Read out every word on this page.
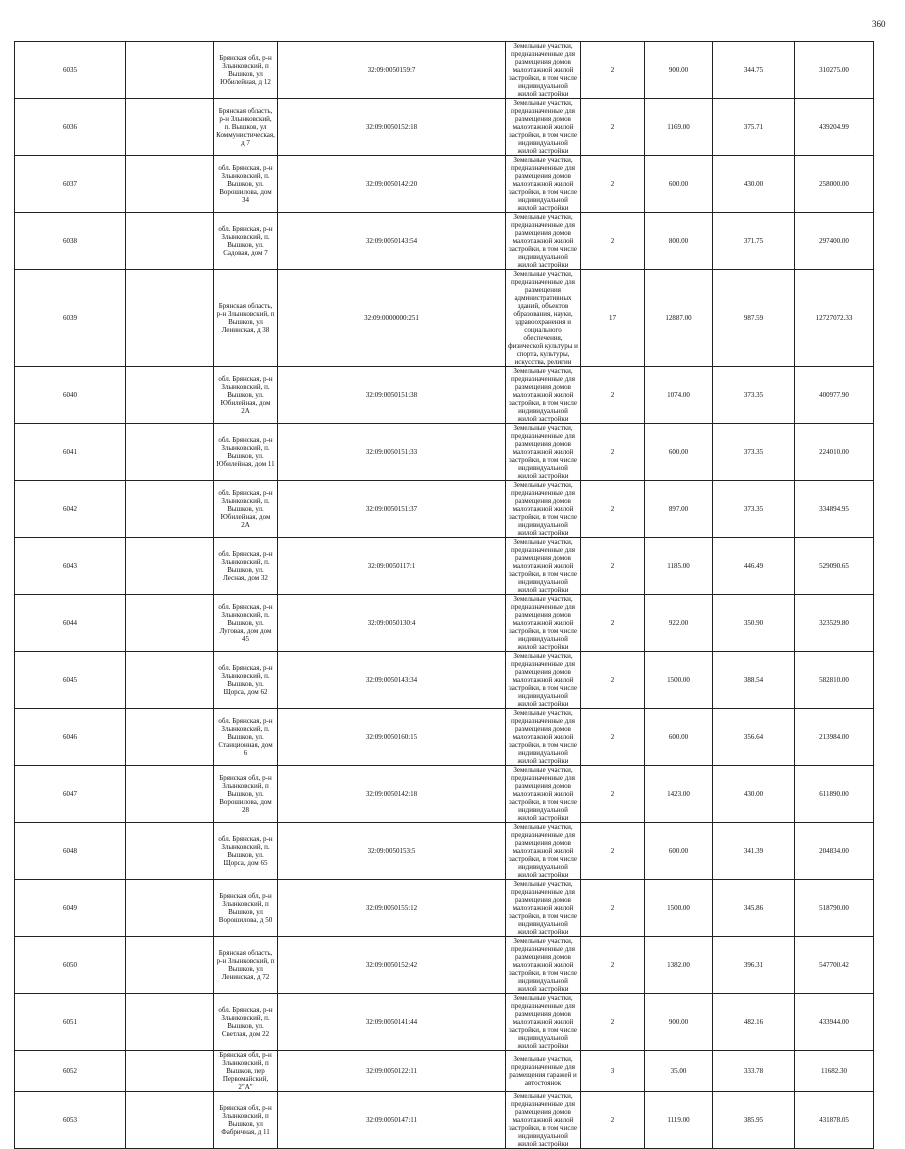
360
6035		Брянская обл, р-н Злынковский, п Вышков, ул Юбилейная, д 12	32:09:0050159:7	Земельные участки, предназначенные для размещения домов малоэтажной жилой застройки, в том числе индивидуальной жилой застройки	2	900.00	344.75	310275.00
6036		Брянская область, р-н Злынковский, п. Вышков, ул Коммунистическая, д 7	32:09:0050152:18	Земельные участки, предназначенные для размещения домов малоэтажной жилой застройки, в том числе индивидуальной жилой застройки	2	1169.00	375.71	439204.99
6037		обл. Брянская, р-н Злынковский, п. Вышков, ул. Ворошилова, дом 34	32:09:0050142:20	Земельные участки, предназначенные для размещения домов малоэтажной жилой застройки, в том числе индивидуальной жилой застройки	2	600.00	430.00	258000.00
6038		обл. Брянская, р-н Злынковский, п. Вышков, ул. Садовая, дом 7	32:09:0050143:54	Земельные участки, предназначенные для размещения домов малоэтажной жилой застройки, в том числе индивидуальной жилой застройки	2	800.00	371.75	297400.00
6039		Брянская область, р-н Злынковский, п Вышков, ул Ленинская, д 38	32:09:0000000:251	Земельные участки, предназначенные для размещения административных зданий, объектов образования, науки, здравоохранения и социального обеспечения, физической культуры и спорта, культуры, искусства, религии	17	12887.00	987.59	12727072.33
6040		обл. Брянская, р-н Злынковский, п. Вышков, ул. Юбилейная, дом 2А	32:09:0050151:38	Земельные участки, предназначенные для размещения домов малоэтажной жилой застройки, в том числе индивидуальной жилой застройки	2	1074.00	373.35	400977.90
6041		обл. Брянская, р-н Злынковский, п. Вышков, ул. Юбилейная, дом 11	32:09:0050151:33	Земельные участки, предназначенные для размещения домов малоэтажной жилой застройки, в том числе индивидуальной жилой застройки	2	600.00	373.35	224010.00
6042		обл. Брянская, р-н Злынковский, п. Вышков, ул. Юбилейная, дом 2А	32:09:0050151:37	Земельные участки, предназначенные для размещения домов малоэтажной жилой застройки, в том числе индивидуальной жилой застройки	2	897.00	373.35	334894.95
6043		обл. Брянская, р-н Злынковский, п. Вышков, ул. Лесная, дом 32	32:09:0050117:1	Земельные участки, предназначенные для размещения домов малоэтажной жилой застройки, в том числе индивидуальной жилой застройки	2	1185.00	446.49	529090.65
6044		обл. Брянская, р-н Злынковский, п. Вышков, ул. Луговая, дом дом 45	32:09:0050130:4	Земельные участки, предназначенные для размещения домов малоэтажной жилой застройки, в том числе индивидуальной жилой застройки	2	922.00	350.90	323529.80
6045		обл. Брянская, р-н Злынковский, п. Вышков, ул. Щорса, дом 62	32:09:0050143:34	Земельные участки, предназначенные для размещения домов малоэтажной жилой застройки, в том числе индивидуальной жилой застройки	2	1500.00	388.54	582810.00
6046		обл. Брянская, р-н Злынковский, п. Вышков, ул. Станционная, дом 6	32:09:0050160:15	Земельные участки, предназначенные для размещения домов малоэтажной жилой застройки, в том числе индивидуальной жилой застройки	2	600.00	356.64	213984.00
6047		Брянская обл, р-н Злынковский, п Вышков, ул. Ворошилова, дом 28	32:09:0050142:18	Земельные участки, предназначенные для размещения домов малоэтажной жилой застройки, в том числе индивидуальной жилой застройки	2	1423.00	430.00	611890.00
6048		обл. Брянская, р-н Злынковский, п. Вышков, ул. Щорса, дом 65	32:09:0050153:5	Земельные участки, предназначенные для размещения домов малоэтажной жилой застройки, в том числе индивидуальной жилой застройки	2	600.00	341.39	204834.00
6049		Брянская обл, р-н Злынковский, п Вышков, ул Ворошилова, д 50	32:09:0050155:12	Земельные участки, предназначенные для размещения домов малоэтажной жилой застройки, в том числе индивидуальной жилой застройки	2	1500.00	345.86	518790.00
6050		Брянская область, р-н Злынковский, п Вышков, ул Ленинская, д 72	32:09:0050152:42	Земельные участки, предназначенные для размещения домов малоэтажной жилой застройки, в том числе индивидуальной жилой застройки	2	1382.00	396.31	547700.42
6051		обл. Брянская, р-н Злынковский, п. Вышков, ул. Светлая, дом 22	32:09:0050141:44	Земельные участки, предназначенные для размещения домов малоэтажной жилой застройки, в том числе индивидуальной жилой застройки	2	900.00	482.16	433944.00
6052		Брянская обл, р-н Злынковский, п Вышков, пер Первомайский, 2"А"	32:09:0050122:11	Земельные участки, предназначенные для размещения гаражей и автостоянок	3	35.00	333.78	11682.30
6053		Брянская обл, р-н Злынковский, п Вышков, ул Фабричная, д 11	32:09:0050147:11	Земельные участки, предназначенные для размещения домов малоэтажной жилой застройки, в том числе индивидуальной жилой застройки	2	1119.00	385.95	431878.05
